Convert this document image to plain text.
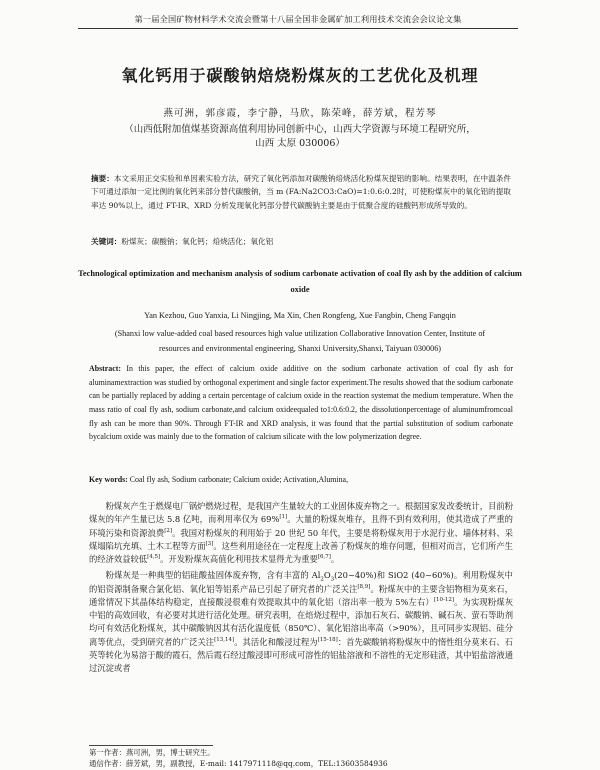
第一届全国矿物材料学术交流会暨第十八届全国非金属矿加工利用技术交流会会议论文集
氧化钙用于碳酸钠焙烧粉煤灰的工艺优化及机理
燕可洲，郭彦霞，李宁静，马欣，陈荣峰，薛芳斌，程芳琴
（山西低附加值煤基资源高值利用协同创新中心，山西大学资源与环境工程研究所，
山西 太原 030006）
摘要：本文采用正交实验和单因素实验方法，研究了氧化钙添加对碳酸钠焙烧活化粉煤灰提铝的影响。结果表明，在中温条件下可通过添加一定比例的氧化钙来部分替代碳酸钠，当 m (FA:Na2CO3:CaO)=1:0.6:0.2时，可使粉煤灰中的氧化铝的提取率达 90%以上，通过 FT-IR、XRD 分析发现氧化钙部分替代碳酸钠主要是由于低聚合度的硅酸钙形成所导致的。
关键词：粉煤灰；碳酸钠；氧化钙；焙烧活化；氧化铝
Technological optimization and mechanism analysis of sodium carbonate activation of coal fly ash by the addition of calcium oxide
Yan Kezhou, Guo Yanxia, Li Ningjing, Ma Xin, Chen Rongfeng, Xue Fangbin, Cheng Fangqin
(Shanxi low value-added coal based resources high value utilization Collaborative Innovation Center, Institute of
resources and environmental engineering, Shanxi University,Shanxi, Taiyuan 030006)
Abstract: In this paper, the effect of calcium oxide additive on the sodium carbonate activation of coal fly ash for aluminamextraction was studied by orthogonal experiment and single factor experiment.The results showed that the sodium carbonate can be partially replaced by adding a certain percentage of calcium oxide in the reaction systemat the medium temperature. When the mass ratio of coal fly ash, sodium carbonate,and calcium oxideequaled to1:0.6:0.2, the dissolutionpercentage of aluminumfromcoal fly ash can be more than 90%. Through FT-IR and XRD analysis, it was found that the partial substitution of sodium carbonate bycalcium oxide was mainly due to the formation of calcium silicate with the low polymerization degree.
Key words: Coal fly ash, Sodium carbonate; Calcium oxide; Activation,Alumina,

粉煤灰产生于燃煤电厂锅炉燃烧过程，是我国产生量较大的工业固体废弃物之一。根据国家发改委统计，目前粉煤灰的年产生量已达 5.8 亿吨，而利用率仅为 69%[1]。大量的粉煤灰堆存，且得不到有效利用，使其造成了严重的环境污染和资源浪费[2]。我国对粉煤灰的利用始于 20 世纪 50 年代，主要是将粉煤灰用于水泥行业、墙体材料、采煤塌陷坑充填、土木工程等方面[3]。这些利用途径在一定程度上改善了粉煤灰的堆存问题，但相对而言，它们所产生的经济效益较低[4,5]。开发粉煤灰高值化利用技术显得尤为重要[6,7]。

粉煤灰是一种典型的铝硅酸盐固体废弃物，含有丰富的 $Al_2O_3(20\sim 40\%)$和 SiO2 (40~60%)。利用粉煤灰中的铝资源制备聚合氯化铝、氧化铝等铝系产品已引起了研究者的广泛关注[8,9]。粉煤灰中的主要含铝物相为莫来石，通常情况下其晶体结构稳定，直接酸浸很难有效提取其中的氧化铝（溶出率一般为 5%左右）[10-12]。为实现粉煤灰中铝的高效回收，有必要对其进行活化处理。研究表明，在焙烧过程中，添加石灰石、碳酸钠、碱石灰、萤石等助剂均可有效活化粉煤灰，其中碳酸钠因其有活化温度低（850℃）、氧化铝溶出率高（>90%），且可同步实现铝、硅分离等优点，受到研究者的广泛关注[13,14]。其活化和酸浸过程为[15-18]：首先碳酸钠将粉煤灰中的惰性组分莫来石、石英等转化为易溶于酸的霞石，然后霞石经过酸浸即可形成可溶性的铝盐溶液和不溶性的无定形硅渣，其中铝盐溶液通过沉淀或者

第一作者：燕可洲，男，博士研究生。
通信作者：薛芳斌，男，副教授，E-mail: 1417971118@qq.com，TEL:13603584936
